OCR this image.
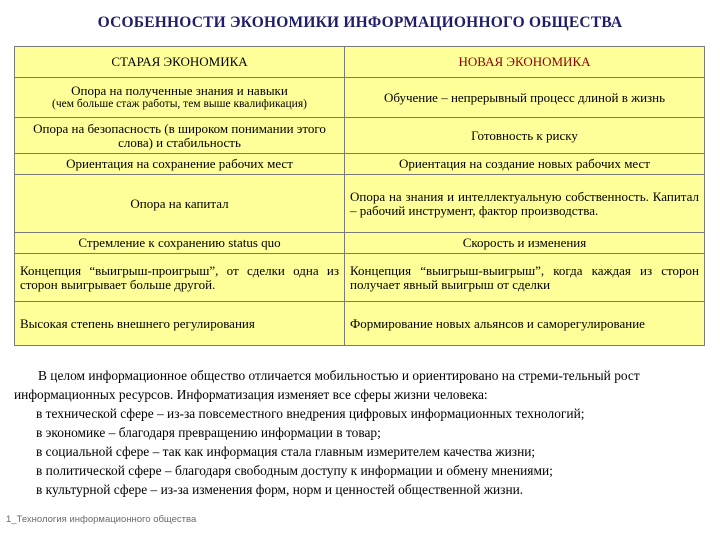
ОСОБЕННОСТИ ЭКОНОМИКИ ИНФОРМАЦИОННОГО ОБЩЕСТВА
СТАРАЯ ЭКОНОМИКА	НОВАЯ ЭКОНОМИКА
Опора на полученные знания и навыки
(чем больше стаж работы, тем выше квалификация)	Обучение – непрерывный процесс длиной в жизнь
Опора на безопасность (в широком понимании этого слова) и стабильность	Готовность к риску
Ориентация на сохранение рабочих мест	Ориентация на создание новых рабочих мест
Опора на капитал	Опора на знания и интеллектуальную собственность. Капитал – рабочий инструмент, фактор производства.
Стремление к сохранению status quo	Скорость и изменения
Концепция “выигрыш-проигрыш”, от сделки одна из сторон выигрывает больше другой.	Концепция “выигрыш-выигрыш”, когда каждая из сторон получает явный выигрыш от сделки
Высокая степень внешнего регулирования	Формирование новых альянсов и саморегулирование

В целом информационное общество отличается мобильностью и ориентировано на стреми-тельный рост информационных ресурсов. Информатизация изменяет все сферы жизни человека:

в технической сфере – из-за повсеместного внедрения цифровых информационных технологий;

в экономике – благодаря превращению информации в товар;

в социальной сфере – так как информация стала главным измерителем качества жизни;

в политической сфере – благодаря свободным доступу к информации и обмену мнениями;

в культурной сфере – из-за изменения форм, норм и ценностей общественной жизни.

1_Технология информационного общества
